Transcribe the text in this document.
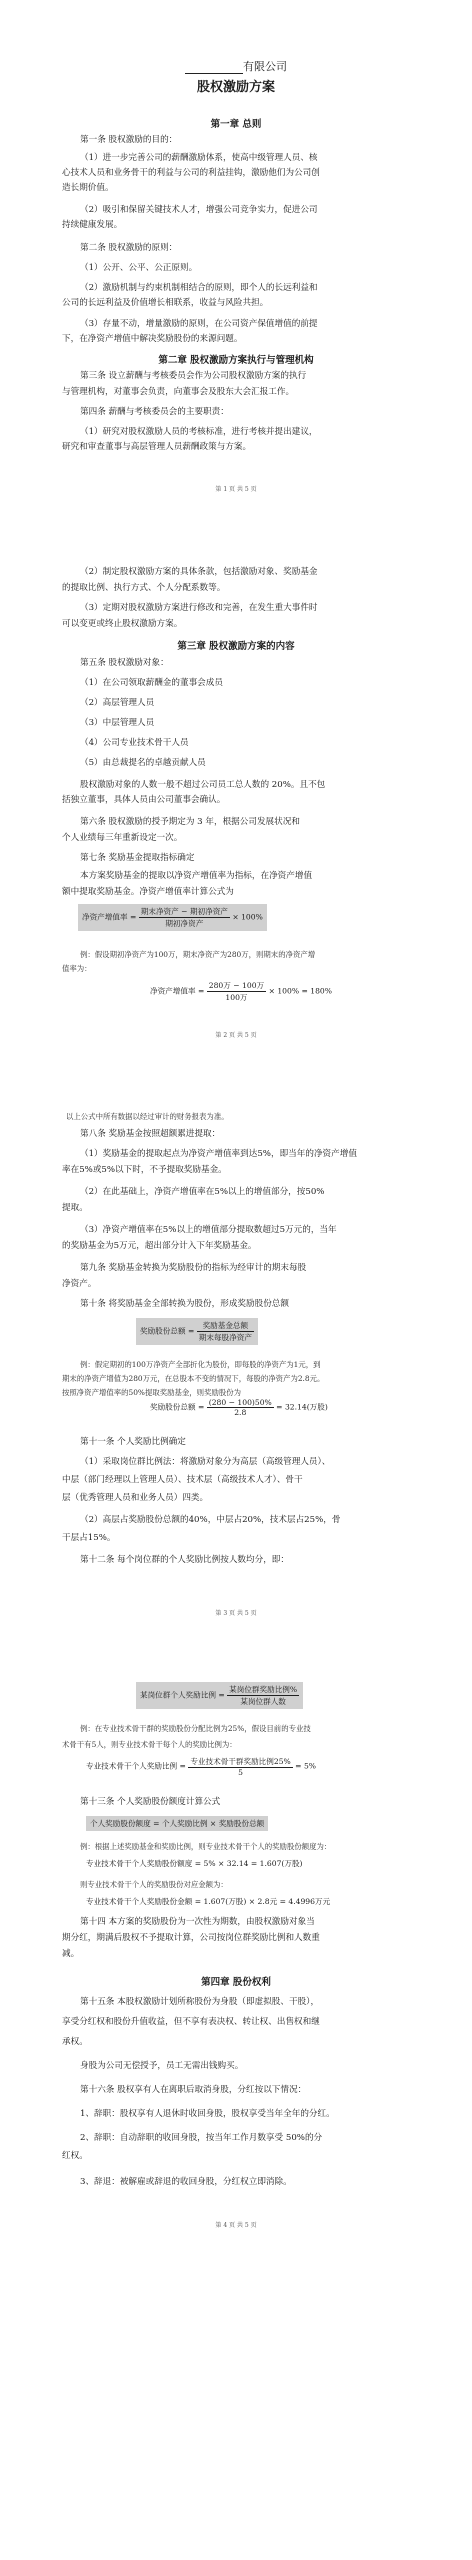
有限公司
股权激励方案
第一章 总则
第一条 股权激励的目的：
（1）进一步完善公司的薪酬激励体系，使高中级管理人员、核
心技术人员和业务骨干的利益与公司的利益挂钩，激励他们为公司创
造长期价值。
（2）吸引和保留关键技术人才，增强公司竞争实力，促进公司
持续健康发展。
第二条 股权激励的原则：
（1）公开、公平、公正原则。
（2）激励机制与约束机制相结合的原则，即个人的长远利益和
公司的长远利益及价值增长相联系，收益与风险共担。
（3）存量不动，增量激励的原则，在公司资产保值增值的前提
下，在净资产增值中解决奖励股份的来源问题。
第二章 股权激励方案执行与管理机构
第三条 设立薪酬与考核委员会作为公司股权激励方案的执行
与管理机构，对董事会负责，向董事会及股东大会汇报工作。
第四条 薪酬与考核委员会的主要职责：
（1）研究对股权激励人员的考核标准，进行考核并提出建议，
研究和审查董事与高层管理人员薪酬政策与方案。
第 1 页 共 5 页
（2）制定股权激励方案的具体条款，包括激励对象、奖励基金
的提取比例、执行方式、个人分配系数等。
（3）定期对股权激励方案进行修改和完善，在发生重大事件时
可以变更或终止股权激励方案。
第三章 股权激励方案的内容
第五条 股权激励对象：
（1）在公司领取薪酬金的董事会成员
（2）高层管理人员
（3）中层管理人员
（4）公司专业技术骨干人员
（5）由总裁提名的卓越贡献人员
股权激励对象的人数一般不超过公司员工总人数的 20%。且不包
括独立董事，具体人员由公司董事会确认。
第六条 股权激励的授予期定为 3 年，根据公司发展状况和
个人业绩每三年重新设定一次。
第七条 奖励基金提取指标确定
本方案奖励基金的提取以净资产增值率为指标，在净资产增值
额中提取奖励基金。净资产增值率计算公式为
净资产增值率 = $\frac{\text{期末净资产 − 期初净资产}}{\text{期初净资产}} \times 100\%$
例：假设期初净资产为100万，期末净资产为280万，则期末的净资产增
值率为：
净资产增值率 = $\frac{\text{280万 − 100万}}{\text{100万}} \times 100\% = 180\%$
第 2 页 共 5 页
以上公式中所有数据以经过审计的财务报表为准。
第八条 奖励基金按照超额累进提取：
（1）奖励基金的提取起点为净资产增值率到达5%，即当年的净资产增值
率在5%或5%以下时，不予提取奖励基金。
（2）在此基础上，净资产增值率在5%以上的增值部分，按50%
提取。
（3）净资产增值率在5%以上的增值部分提取数超过5万元的，当年
的奖励基金为5万元，超出部分计入下年奖励基金。
第九条 奖励基金转换为奖励股份的指标为经审计的期末每股
净资产。
第十条 将奖励基金全部转换为股份，形成奖励股份总额
奖励股份总额 = $\frac{\text{奖励基金总额}}{\text{期末每股净资产}}$
例：假定期初的100万净资产全部折化为股份，即每股的净资产为1元，到
期末的净资产增值为280万元，在总股本不变的情况下，每股的净资产为2.8元。
按照净资产增值率的50%提取奖励基金，则奖励股份为
奖励股份总额 = $\frac{(280 - 100)50\%}{2.8} = 32.14$(万股)
第十一条 个人奖励比例确定
（1）采取岗位群比例法：将激励对象分为高层（高级管理人员）、
中层（部门经理以上管理人员）、技术层（高级技术人才）、骨干
层（优秀管理人员和业务人员）四类。
（2）高层占奖励股份总额的40%，中层占20%，技术层占25%，骨
干层占15%。
第十二条 每个岗位群的个人奖励比例按人数均分，即：
第 3 页 共 5 页
某岗位群个人奖励比例 = $\frac{\text{某岗位群奖励比例\%}}{\text{某岗位群人数}}$
例：在专业技术骨干群的奖励股份分配比例为25%，假设目前的专业技
术骨干有5人，则专业技术骨干每个人的奖励比例为：
专业技术骨干个人奖励比例 = $\frac{\text{专业技术骨干群奖励比例25\%}}{5} = 5\%$
第十三条 个人奖励股份额度计算公式
个人奖励股份额度 = 个人奖励比例 × 奖励股份总额
例：根据上述奖励基金和奖励比例，则专业技术骨干个人的奖励股份额度为：
专业技术骨干个人奖励股份额度 = 5% × 32.14 = 1.607(万股)
则专业技术骨干个人的奖励股份对应金额为：
专业技术骨干个人奖励股份金额 = 1.607(万股) × 2.8元 = 4.4996万元
第十四 本方案的奖励股份为一次性为期数，由股权激励对象当
期分红，期满后股权不予提取计算，公司按岗位群奖励比例和人数重
减。
第四章 股份权利
第十五条 本股权激励计划所称股份为身股（即虚拟股、干股），
享受分红权和股份升值收益，但不享有表决权、转让权、出售权和继
承权。
身股为公司无偿授予，员工无需出钱购买。
第十六条 股权享有人在离职后取消身股，分红按以下情况：
1、辞职：股权享有人退休时收回身股，股权享受当年全年的分红。
2、辞职：自动辞职的收回身股，按当年工作月数享受 50%的分
红权。
3、辞退：被解雇或辞退的收回身股，分红权立即消除。
第 4 页 共 5 页
